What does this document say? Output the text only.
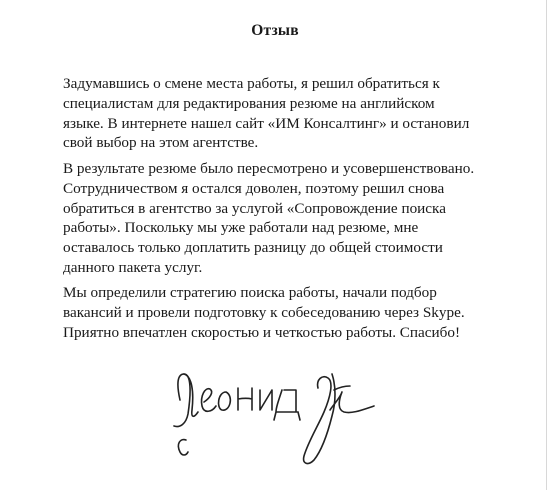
Отзыв
Задумавшись о смене места работы, я решил обратиться к
специалистам для редактирования резюме на английском
языке. В интернете нашел сайт «ИМ Консалтинг» и остановил
свой выбор на этом агентстве.
В результате резюме было пересмотрено и усовершенствовано.
Сотрудничеством я остался доволен, поэтому решил снова
обратиться в агентство за услугой «Сопровождение поиска
работы». Поскольку мы уже работали над резюме, мне
оставалось только доплатить разницу до общей стоимости
данного пакета услуг.
Мы определили стратегию поиска работы, начали подбор
вакансий и провели подготовку к собеседованию через Skype.
Приятно впечатлен скоростью и четкостью работы. Спасибо!
